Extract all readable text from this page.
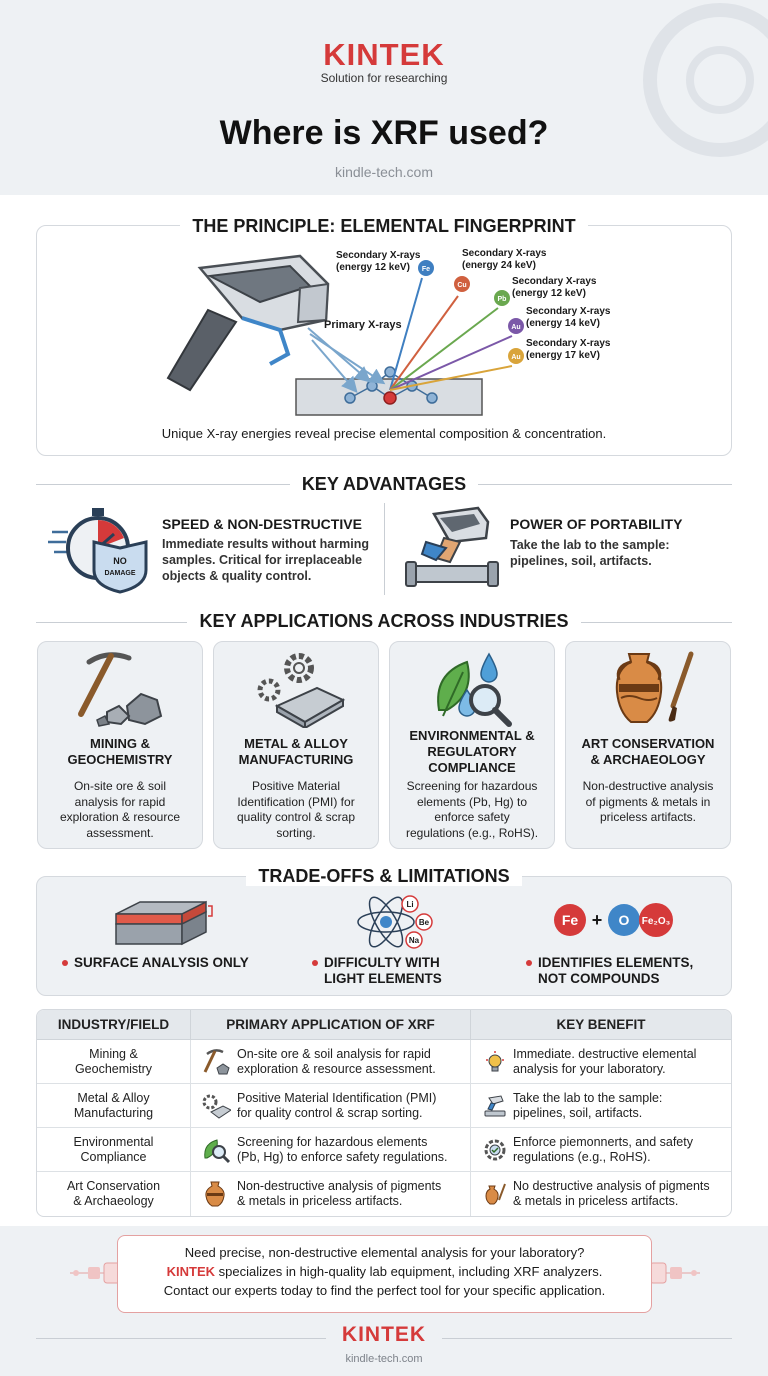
KINTEK
Solution for researching
Where is XRF used?
kindle-tech.com
THE PRINCIPLE: ELEMENTAL FINGERPRINT
Primary X-rays
Fe
Secondary X-rays
(energy 12 keV)
Cu
Secondary X-rays
(energy 24 keV)
Pb
Secondary X-rays
(energy 12 keV)
Au
Secondary X-rays
(energy 14 keV)
Au
Secondary X-rays
(energy 17 keV)
Unique X-ray energies reveal precise elemental composition & concentration.
KEY ADVANTAGES
NO
DAMAGE
SPEED & NON-DESTRUCTIVE
Immediate results without harming
samples. Critical for irreplaceable
objects & quality control.
POWER OF PORTABILITY
Take the lab to the sample:
pipelines, soil, artifacts.
KEY APPLICATIONS ACROSS INDUSTRIES
MINING &
GEOCHEMISTRY
On-site ore & soil
analysis for rapid
exploration & resource
assessment.
METAL & ALLOY
MANUFACTURING
Positive Material
Identification (PMI) for
quality control & scrap
sorting.
ENVIRONMENTAL &
REGULATORY
COMPLIANCE
Screening for hazardous
elements (Pb, Hg) to
enforce safety
regulations (e.g., RoHS).
ART CONSERVATION
& ARCHAEOLOGY
Non-destructive analysis
of pigments & metals in
priceless artifacts.
TRADE-OFFS & LIMITATIONS
SURFACE ANALYSIS ONLY
Li
Be
Na
DIFFICULTY WITH
LIGHT ELEMENTS
Fe + O Fe₂O₃
IDENTIFIES ELEMENTS,
NOT COMPOUNDS
INDUSTRY/FIELD	PRIMARY APPLICATION OF XRF	KEY BENEFIT
Mining &
Geochemistry
On-site ore & soil analysis for rapid
exploration & resource assessment.
Immediate. destructive elemental
analysis for your laboratory.
Metal & Alloy
Manufacturing
Positive Material Identification (PMI)
for quality control & scrap sorting.
Take the lab to the sample:
pipelines, soil, artifacts.
Environmental
Compliance
Screening for hazardous elements
(Pb, Hg) to enforce safety regulations.
Enforce piemonnerts, and safety
regulations (e.g., RoHS).
Art Conservation
& Archaeology
Non-destructive analysis of pigments
& metals in priceless artifacts.
No destructive analysis of pigments
& metals in priceless artifacts.

Need precise, non-destructive elemental analysis for your laboratory?

KINTEK specializes in high-quality lab equipment, including XRF analyzers.

Contact our experts today to find the perfect tool for your specific application.

KINTEK
kindle-tech.com
